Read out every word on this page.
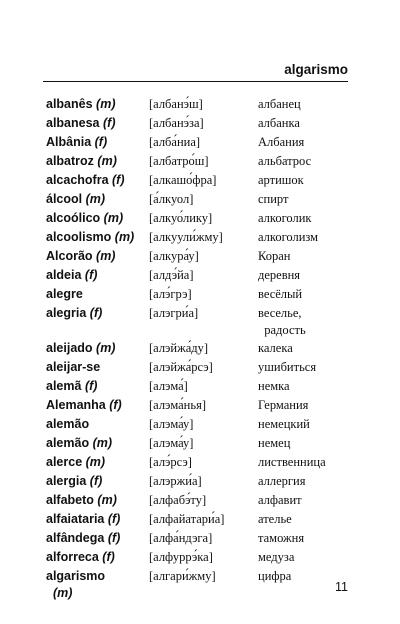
algarismo
albanês (m)	[албанэ́ш]	албанец
albanesa (f)	[албанэ́за]	албанка
Albânia (f)	[алба́ниа]	Албания
albatroz (m)	[албатро́ш]	альбатрос
alcachofra (f)	[алкашо́фра]	артишок
álcool (m)	[а́лкуол]	спирт
alcoólico (m)	[алкуо́лику]	алкоголик
alcoolismo (m)	[алкуули́жму]	алкоголизм
Alcorão (m)	[алкура́у]	Коран
aldeia (f)	[алдэ́йа]	деревня
alegre	[алэ́грэ]	весёлый
alegria (f)	[алэгри́а]	веселье,
радость
aleijado (m)	[алэйжа́ду]	калека
aleijar-se	[алэйжа́рсэ]	ушибиться
alemã (f)	[алэма́]	немка
Alemanha (f)	[алэма́нья]	Германия
alemão	[алэма́у]	немецкий
alemão (m)	[алэма́у]	немец
alerce (m)	[алэ́рсэ]	лиственница
alergia (f)	[алэржи́а]	аллергия
alfabeto (m)	[алфабэ́ту]	алфавит
alfaiataria (f)	[алфайатари́а]	ателье
alfândega (f)	[алфа́ндэга]	таможня
alforreca (f)	[алфуррэ́ка]	медуза
algarismo
(m)
[алгари́жму]	цифра
11
